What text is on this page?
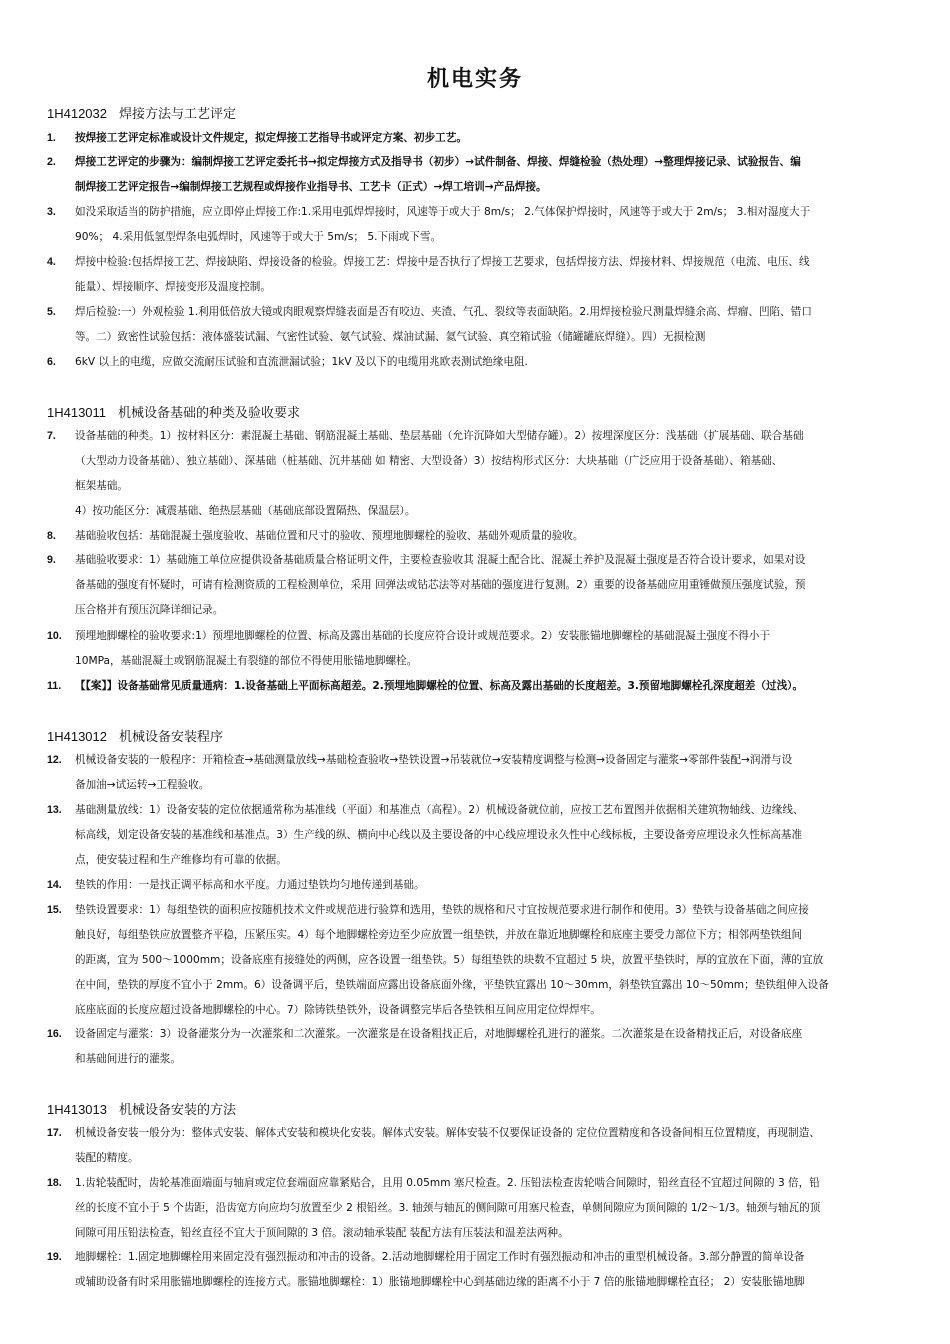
机电实务
1H412032 焊接方法与工艺评定
1H413011 机械设备基础的种类及验收要求
1H413012 机械设备安装程序
1H413013 机械设备安装的方法
1.	按焊接工艺评定标准或设计文件规定，拟定焊接工艺指导书或评定方案、初步工艺。
2.	焊接工艺评定的步骤为：编制焊接工艺评定委托书→拟定焊接方式及指导书（初步）→试件制备、焊接、焊缝检验（热处理）→整理焊接记录、试验报告、编
制焊接工艺评定报告→编制焊接工艺规程或焊接作业指导书、工艺卡（正式）→焊工培训→产品焊接。
3.	如没采取适当的防护措施，应立即停止焊接工作:1.采用电弧焊焊接时，风速等于或大于 8m/s； 2.气体保护焊接时，风速等于或大于 2m/s； 3.相对湿度大于
90%； 4.采用低氢型焊条电弧焊时，风速等于或大于 5m/s； 5.下雨或下雪。
4.	焊接中检验:包括焊接工艺、焊接缺陷、焊接设备的检验。焊接工艺：焊接中是否执行了焊接工艺要求，包括焊接方法、焊接材料、焊接规范（电流、电压、线
能量）、焊接顺序、焊接变形及温度控制。
5.	焊后检验:一）外观检验 1.利用低倍放大镜或肉眼观察焊缝表面是否有咬边、夹渣、气孔、裂纹等表面缺陷。2.用焊接检验尺测量焊缝余高、焊瘤、凹陷、错口
等。二）致密性试验包括：液体盛装试漏、气密性试验、氨气试验、煤油试漏、氦气试验、真空箱试验（储罐罐底焊缝）。四）无损检测
6.	6kV 以上的电缆，应做交流耐压试验和直流泄漏试验；1kV 及以下的电缆用兆欧表测试绝缘电阻.
7.	设备基础的种类。1）按材料区分：素混凝土基础、钢筋混凝土基础、垫层基础（允许沉降如大型储存罐）。2）按埋深度区分：浅基础（扩展基础、联合基础
（大型动力设备基础）、独立基础）、深基础（桩基础、沉井基础 如 精密、大型设备）3）按结构形式区分：大块基础（广泛应用于设备基础）、箱基础、
框架基础。
4）按功能区分：减震基础、绝热层基础（基础底部设置隔热、保温层）。
8.	基础验收包括：基础混凝土强度验收、基础位置和尺寸的验收、预埋地脚螺栓的验收、基础外观质量的验收。
9.	基础验收要求：1）基础施工单位应提供设备基础质量合格证明文件，主要检查验收其 混凝土配合比、混凝土养护及混凝土强度是否符合设计要求，如果对设
备基础的强度有怀疑时，可请有检测资质的工程检测单位，采用 回弹法或钻芯法等对基础的强度进行复测。2）重要的设备基础应用重锤做预压强度试验，预
压合格并有预压沉降详细记录。
10.	预埋地脚螺栓的验收要求:1）预埋地脚螺栓的位置、标高及露出基础的长度应符合设计或规范要求。2）安装胀锚地脚螺栓的基础混凝土强度不得小于
10MPa，基础混凝土或钢筋混凝土有裂缝的部位不得使用胀锚地脚螺栓。
11.	【【案】】设备基础常见质量通病：1.设备基础上平面标高超差。2.预埋地脚螺栓的位置、标高及露出基础的长度超差。3.预留地脚螺栓孔深度超差（过浅）。
12.	机械设备安装的一般程序：开箱检查→基础测量放线→基础检查验收→垫铁设置→吊装就位→安装精度调整与检测→设备固定与灌浆→零部件装配→润滑与设
备加油→试运转→工程验收。
13.	基础测量放线：1）设备安装的定位依据通常称为基准线（平面）和基准点（高程）。2）机械设备就位前，应按工艺布置图并依据相关建筑物轴线、边缘线、
标高线，划定设备安装的基准线和基准点。3）生产线的纵、横向中心线以及主要设备的中心线应埋设永久性中心线标板，主要设备旁应埋设永久性标高基准
点，使安装过程和生产维修均有可靠的依据。
14.	垫铁的作用：一是找正调平标高和水平度。力通过垫铁均匀地传递到基础。
15.	垫铁设置要求：1）每组垫铁的面积应按随机技术文件或规范进行验算和选用，垫铁的规格和尺寸宜按规范要求进行制作和使用。3）垫铁与设备基础之间应接
触良好，每组垫铁应放置整齐平稳，压紧压实。4）每个地脚螺栓旁边至少应放置一组垫铁，并放在靠近地脚螺栓和底座主要受力部位下方；相邻两垫铁组间
的距离，宜为 500～1000mm；设备底座有接缝处的两侧，应各设置一组垫铁。5）每组垫铁的块数不宜超过 5 块，放置平垫铁时，厚的宜放在下面，薄的宜放
在中间，垫铁的厚度不宜小于 2mm。6）设备调平后，垫铁端面应露出设备底面外缘，平垫铁宜露出 10～30mm，斜垫铁宜露出 10～50mm；垫铁组伸入设备
底座底面的长度应超过设备地脚螺栓的中心。7）除铸铁垫铁外，设备调整完毕后各垫铁相互间应用定位焊焊牢。
16.	设备固定与灌浆：3）设备灌浆分为一次灌浆和二次灌浆。一次灌浆是在设备粗找正后，对地脚螺栓孔进行的灌浆。二次灌浆是在设备精找正后，对设备底座
和基础间进行的灌浆。
17.	机械设备安装一般分为：整体式安装、解体式安装和模块化安装。解体式安装。解体安装不仅要保证设备的 定位位置精度和各设备间相互位置精度，再现制造、
装配的精度。
18.	1.齿轮装配时，齿轮基准面端面与轴肩或定位套端面应靠紧贴合，且用 0.05mm 塞尺检查。2. 压铅法检查齿轮啮合间隙时，铅丝直径不宜超过间隙的 3 倍，铅
丝的长度不宜小于 5 个齿距，沿齿宽方向应均匀放置至少 2 根铅丝。3. 轴颈与轴瓦的侧间隙可用塞尺检查，单侧间隙应为顶间隙的 1/2～1/3。轴颈与轴瓦的顶
间隙可用压铅法检查，铅丝直径不宜大于顶间隙的 3 倍。滚动轴承装配 装配方法有压装法和温差法两种。
19.	地脚螺栓：1.固定地脚螺栓用来固定没有强烈振动和冲击的设备。2.活动地脚螺栓用于固定工作时有强烈振动和冲击的重型机械设备。3.部分静置的简单设备
或辅助设备有时采用胀锚地脚螺栓的连接方式。胀锚地脚螺栓：1）胀锚地脚螺栓中心到基础边缘的距离不小于 7 倍的胀锚地脚螺栓直径； 2）安装胀锚地脚
